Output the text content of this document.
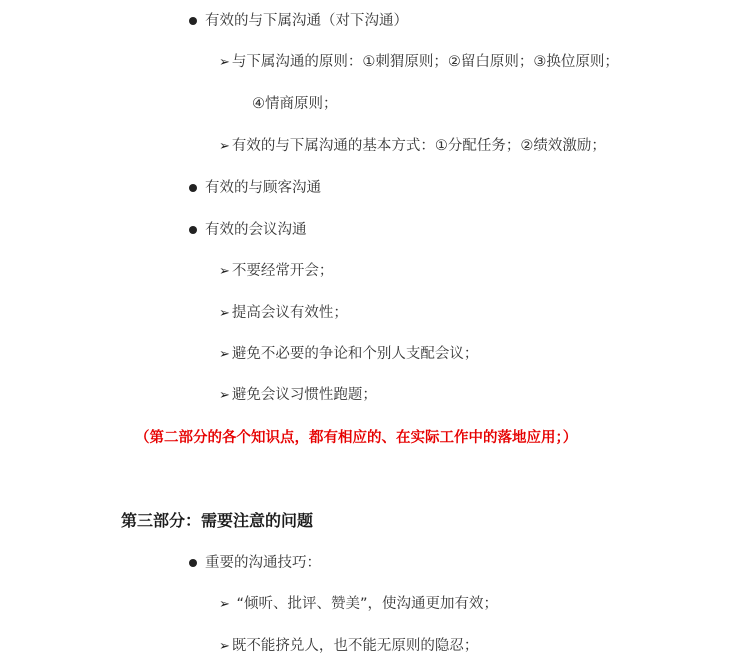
有效的与下属沟通（对下沟通）
➢ 与下属沟通的原则：①刺猬原则；②留白原则；③换位原则；
④情商原则；
➢ 有效的与下属沟通的基本方式：①分配任务；②绩效激励；
有效的与顾客沟通
有效的会议沟通
➢ 不要经常开会；
➢ 提高会议有效性；
➢ 避免不必要的争论和个别人支配会议；
➢ 避免会议习惯性跑题；
（第二部分的各个知识点，都有相应的、在实际工作中的落地应用；）
第三部分：需要注意的问题
重要的沟通技巧：
➢ “倾听、批评、赞美”，使沟通更加有效；
➢ 既不能挤兑人，也不能无原则的隐忍；
